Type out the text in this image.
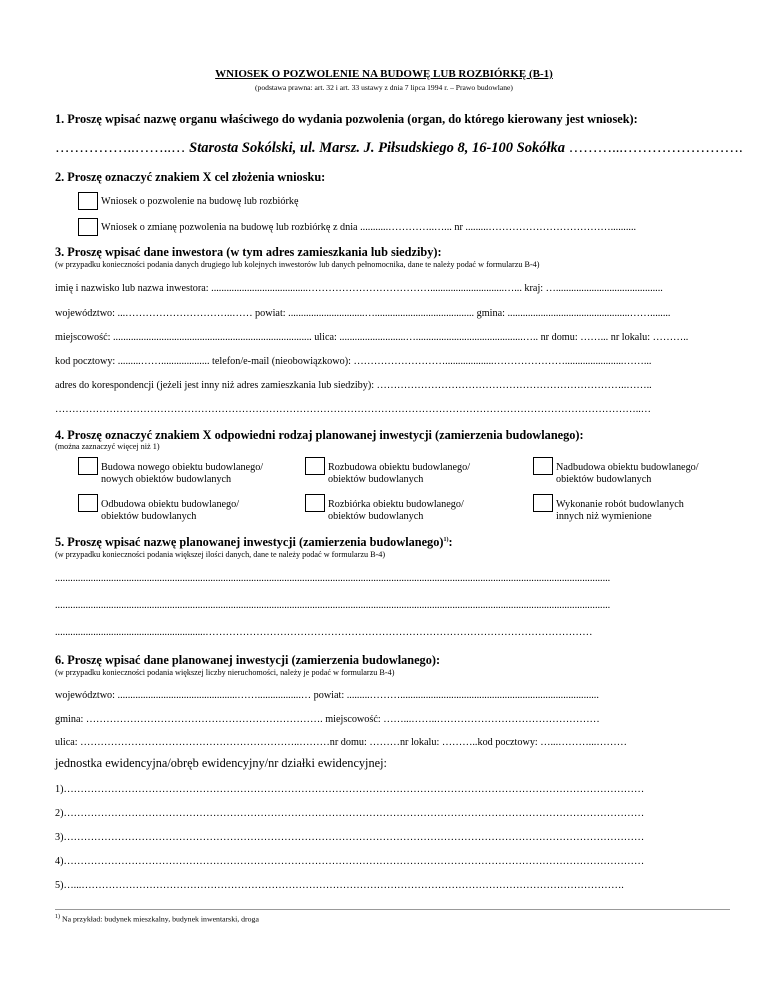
WNIOSEK O POZWOLENIE NA BUDOWĘ LUB ROZBIÓRKĘ (B-1)
(podstawa prawna: art. 32 i art. 33 ustawy z dnia 7 lipca 1994 r. – Prawo budowlane)
1. Proszę wpisać nazwę organu właściwego do wydania pozwolenia (organ, do którego kierowany jest wniosek):
……………..……..… Starosta Sokólski, ul. Marsz. J. Piłsudskiego 8, 16-100 Sokółka ………...…………………….
2. Proszę oznaczyć znakiem X cel złożenia wniosku:
Wniosek o pozwolenie na budowę lub rozbiórkę
Wniosek o zmianę pozwolenia na budowę lub rozbiórkę z dnia ...........…………..…... nr .........………………………………..........
3. Proszę wpisać dane inwestora (w tym adres zamieszkania lub siedziby):
(w przypadku konieczności podania danych drugiego lub kolejnych inwestorów lub danych pełnomocnika, dane te należy podać w formularzu B-4)
imię i nazwisko lub nazwa inwestora: ......................................……………………………….............................…... kraj: …..........................................
województwo: ...…………………………..…… powiat: ..............................…....................................... gmina: ................................................……........
miejscowość: .............................................................................. ulica: ..........................…..........................................….. nr domu: ……... nr lokalu: ………..
kod pocztowy: .........……................... telefon/e-mail (nieobowiązkowo): ………………………...................………………….......................……...
adres do korespondencji (jeżeli jest inny niż adres zamieszkania lub siedziby): ………………………………………………………………..……..
………………………………………………………………………………………………………………………………………………………..…
4. Proszę oznaczyć znakiem X odpowiedni rodzaj planowanej inwestycji (zamierzenia budowlanego):
(można zaznaczyć więcej niż 1)
Budowa nowego obiektu budowlanego/
nowych obiektów budowlanych
Rozbudowa obiektu budowlanego/
obiektów budowlanych
Nadbudowa obiektu budowlanego/
obiektów budowlanych
Odbudowa obiektu budowlanego/
obiektów budowlanych
Rozbiórka obiektu budowlanego/
obiektów budowlanych
Wykonanie robót budowlanych
innych niż wymienione
5. Proszę wpisać nazwę planowanej inwestycji (zamierzenia budowlanego)$^{1)}$:
(w przypadku konieczności podania większej ilości danych, dane te należy podać w formularzu B-4)
..........................................................................................................................................................................................................................
..........................................................................................................................................................................................................................
...........................................................……………………………………………………………………………………………………
6. Proszę wpisać dane planowanej inwestycji (zamierzenia budowlanego):
(w przypadku konieczności podania większej liczby nieruchomości, należy je podać w formularzu B-4)
województwo: ...............................................…….................… powiat: .........………..............................................................................
gmina: ……………………………………………………………. miejscowość: ……...……..…………………………………………
ulica: ………………………………………………………..………nr domu: ………nr lokalu: ………..kod pocztowy: …...………...………
jednostka ewidencyjna/obręb ewidencyjny/nr działki ewidencyjnej:
1)………………………………………………………………………………………………………………………………………………………
2)………………………………………………………………………………………………………………………………………………………
3)………………………………………………………………………………………………………………………………………………………
4)………………………………………………………………………………………………………………………………………………………
5)…...…………………………………………………………………………………………………………………………………………….
$^{1)}$ Na przykład: budynek mieszkalny, budynek inwentarski, droga
